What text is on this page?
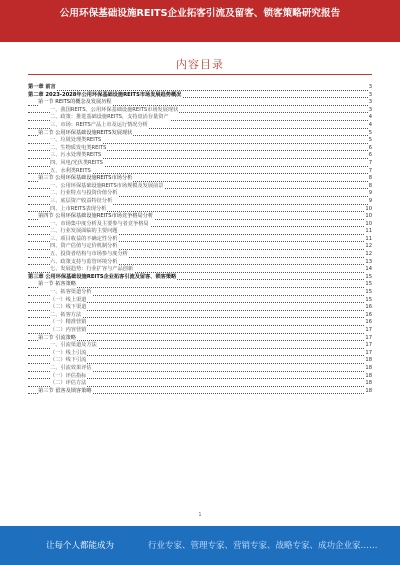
公用环保基础设施REITS企业拓客引流及留客、锁客策略研究报告
内容目录
第一章 前言	3
第二章 2023-2028年公用环保基础设施REITS市场发展趋势概况	3
第一节 REITS的概念及发展历程	3
一、我国REITS、公用环保基础设施REITS市场发展现状	3
二、政策：推进基础设施REITS，支持盘活存量资产	4
三、市场：REITS产品上市及运行情况分析	4
第二节 公用环保基础设施REITS发展现状	5
一、垃圾处理类REITS	5
二、生物质发电类REITS	6
三、污水处理类REITS	6
四、风电/光伏类REITS	7
五、水利类REITS	7
第三节 公用环保基础设施REITS市场分析	8
一、公用环保基础设施REITS市场规模及发展前景	8
二、行业特点与投资价值分析	9
三、底层资产收益特征分析	9
四、上市REITS表现分析	10
第四节 公用环保基础设施REITS市场竞争格局分析	10
一、市场集中度分析及主要参与者竞争格局	10
二、行业发展面临的主要问题	11
三、项目收益的不确定性分析	11
四、资产估值与定价机制分析	12
五、投资者结构与市场参与度分析	12
六、政策支持与监管环境分析	13
七、发展趋势：行业扩容与产品创新	14
第三章 公用环保基础设施REITS企业拓客引流及留客、锁客策略	15
第一节 拓客策略	15
一、拓客渠道分析	15
（一）线上渠道	15
（二）线下渠道	16
二、拓客方法	16
（一）精准营销	16
（二）内容营销	17
第二节 引流策略	17
一、引流渠道及方法	17
（一）线上引流	17
（二）线下引流	18
二、引流效果评估	18
（一）评估指标	18
（二）评估方法	18
第三节 留客及锁客策略	18
1
让每个人都能成为	行业专家、管理专家、营销专家、战略专家、成功企业家……
